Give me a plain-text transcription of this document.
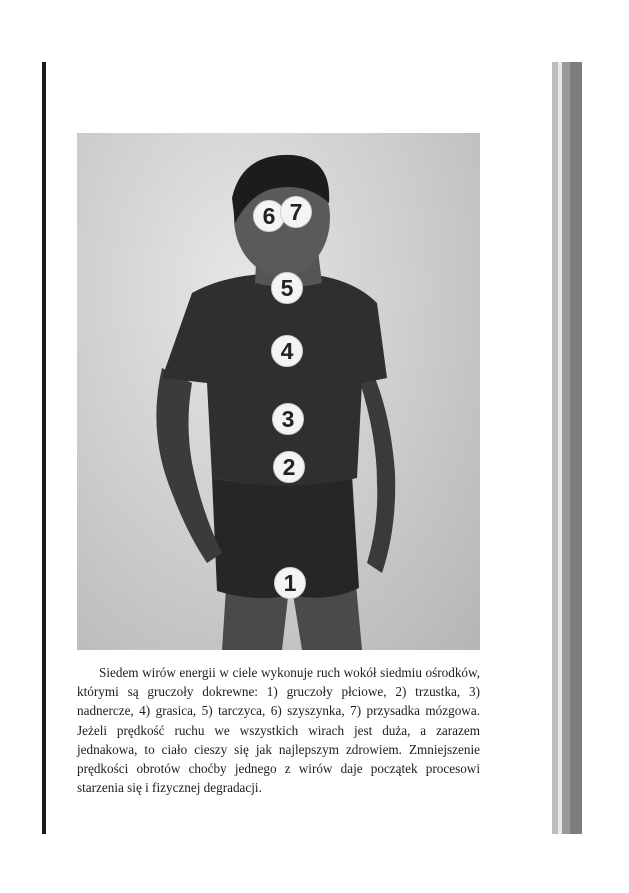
6 7
5
4
3
2
1

Siedem wirów energii w ciele wykonuje ruch wokół siedmiu ośrodków, którymi są gruczoły dokrewne: 1) gruczoły płciowe, 2) trzustka, 3) nadnercze, 4) grasica, 5) tarczyca, 6) szyszynka, 7) przysadka mózgowa. Jeżeli prędkość ruchu we wszystkich wirach jest duża, a zarazem jednakowa, to ciało cieszy się jak najlepszym zdrowiem. Zmniejszenie prędkości obrotów choćby jednego z wirów daje początek procesowi starzenia się i fizycznej degradacji.
